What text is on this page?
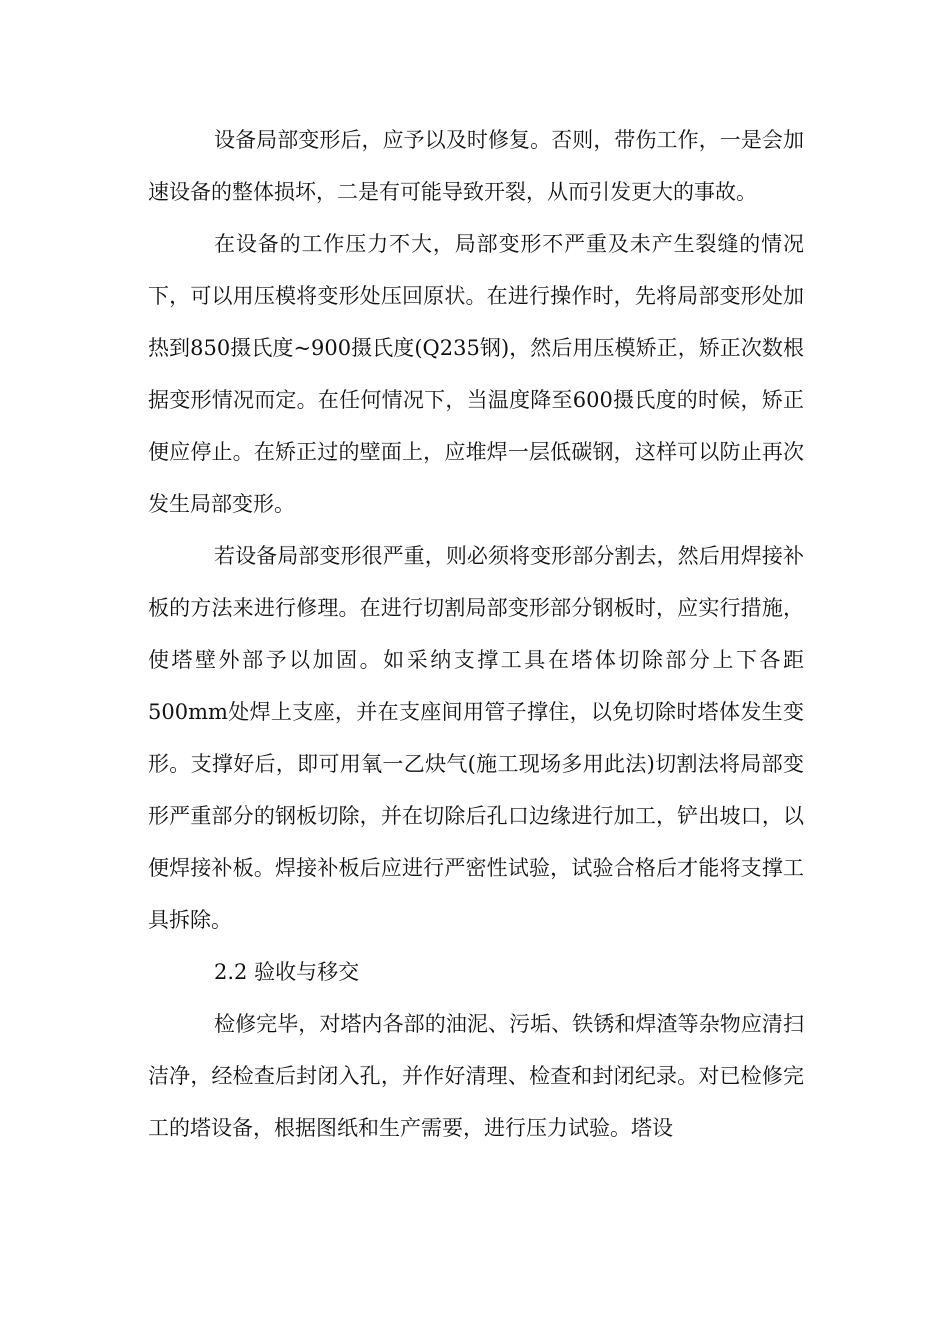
设备局部变形后，应予以及时修复。否则，带伤工作，一是会加速设备的整体损坏，二是有可能导致开裂，从而引发更大的事故。

在设备的工作压力不大，局部变形不严重及未产生裂缝的情况下，可以用压模将变形处压回原状。在进行操作时，先将局部变形处加热到850摄氏度~900摄氏度(Q235钢)，然后用压模矫正，矫正次数根据变形情况而定。在任何情况下，当温度降至600摄氏度的时候，矫正便应停止。在矫正过的壁面上，应堆焊一层低碳钢，这样可以防止再次发生局部变形。

若设备局部变形很严重，则必须将变形部分割去，然后用焊接补板的方法来进行修理。在进行切割局部变形部分钢板时，应实行措施，使塔壁外部予以加固。如采纳支撑工具在塔体切除部分上下各距500mm处焊上支座，并在支座间用管子撑住，以免切除时塔体发生变形。支撑好后，即可用氧一乙炔气(施工现场多用此法)切割法将局部变形严重部分的钢板切除，并在切除后孔口边缘进行加工，铲出坡口，以便焊接补板。焊接补板后应进行严密性试验，试验合格后才能将支撑工具拆除。

2.2 验收与移交

检修完毕，对塔内各部的油泥、污垢、铁锈和焊渣等杂物应清扫洁净，经检查后封闭入孔，并作好清理、检查和封闭纪录。对已检修完工的塔设备，根据图纸和生产需要，进行压力试验。塔设
